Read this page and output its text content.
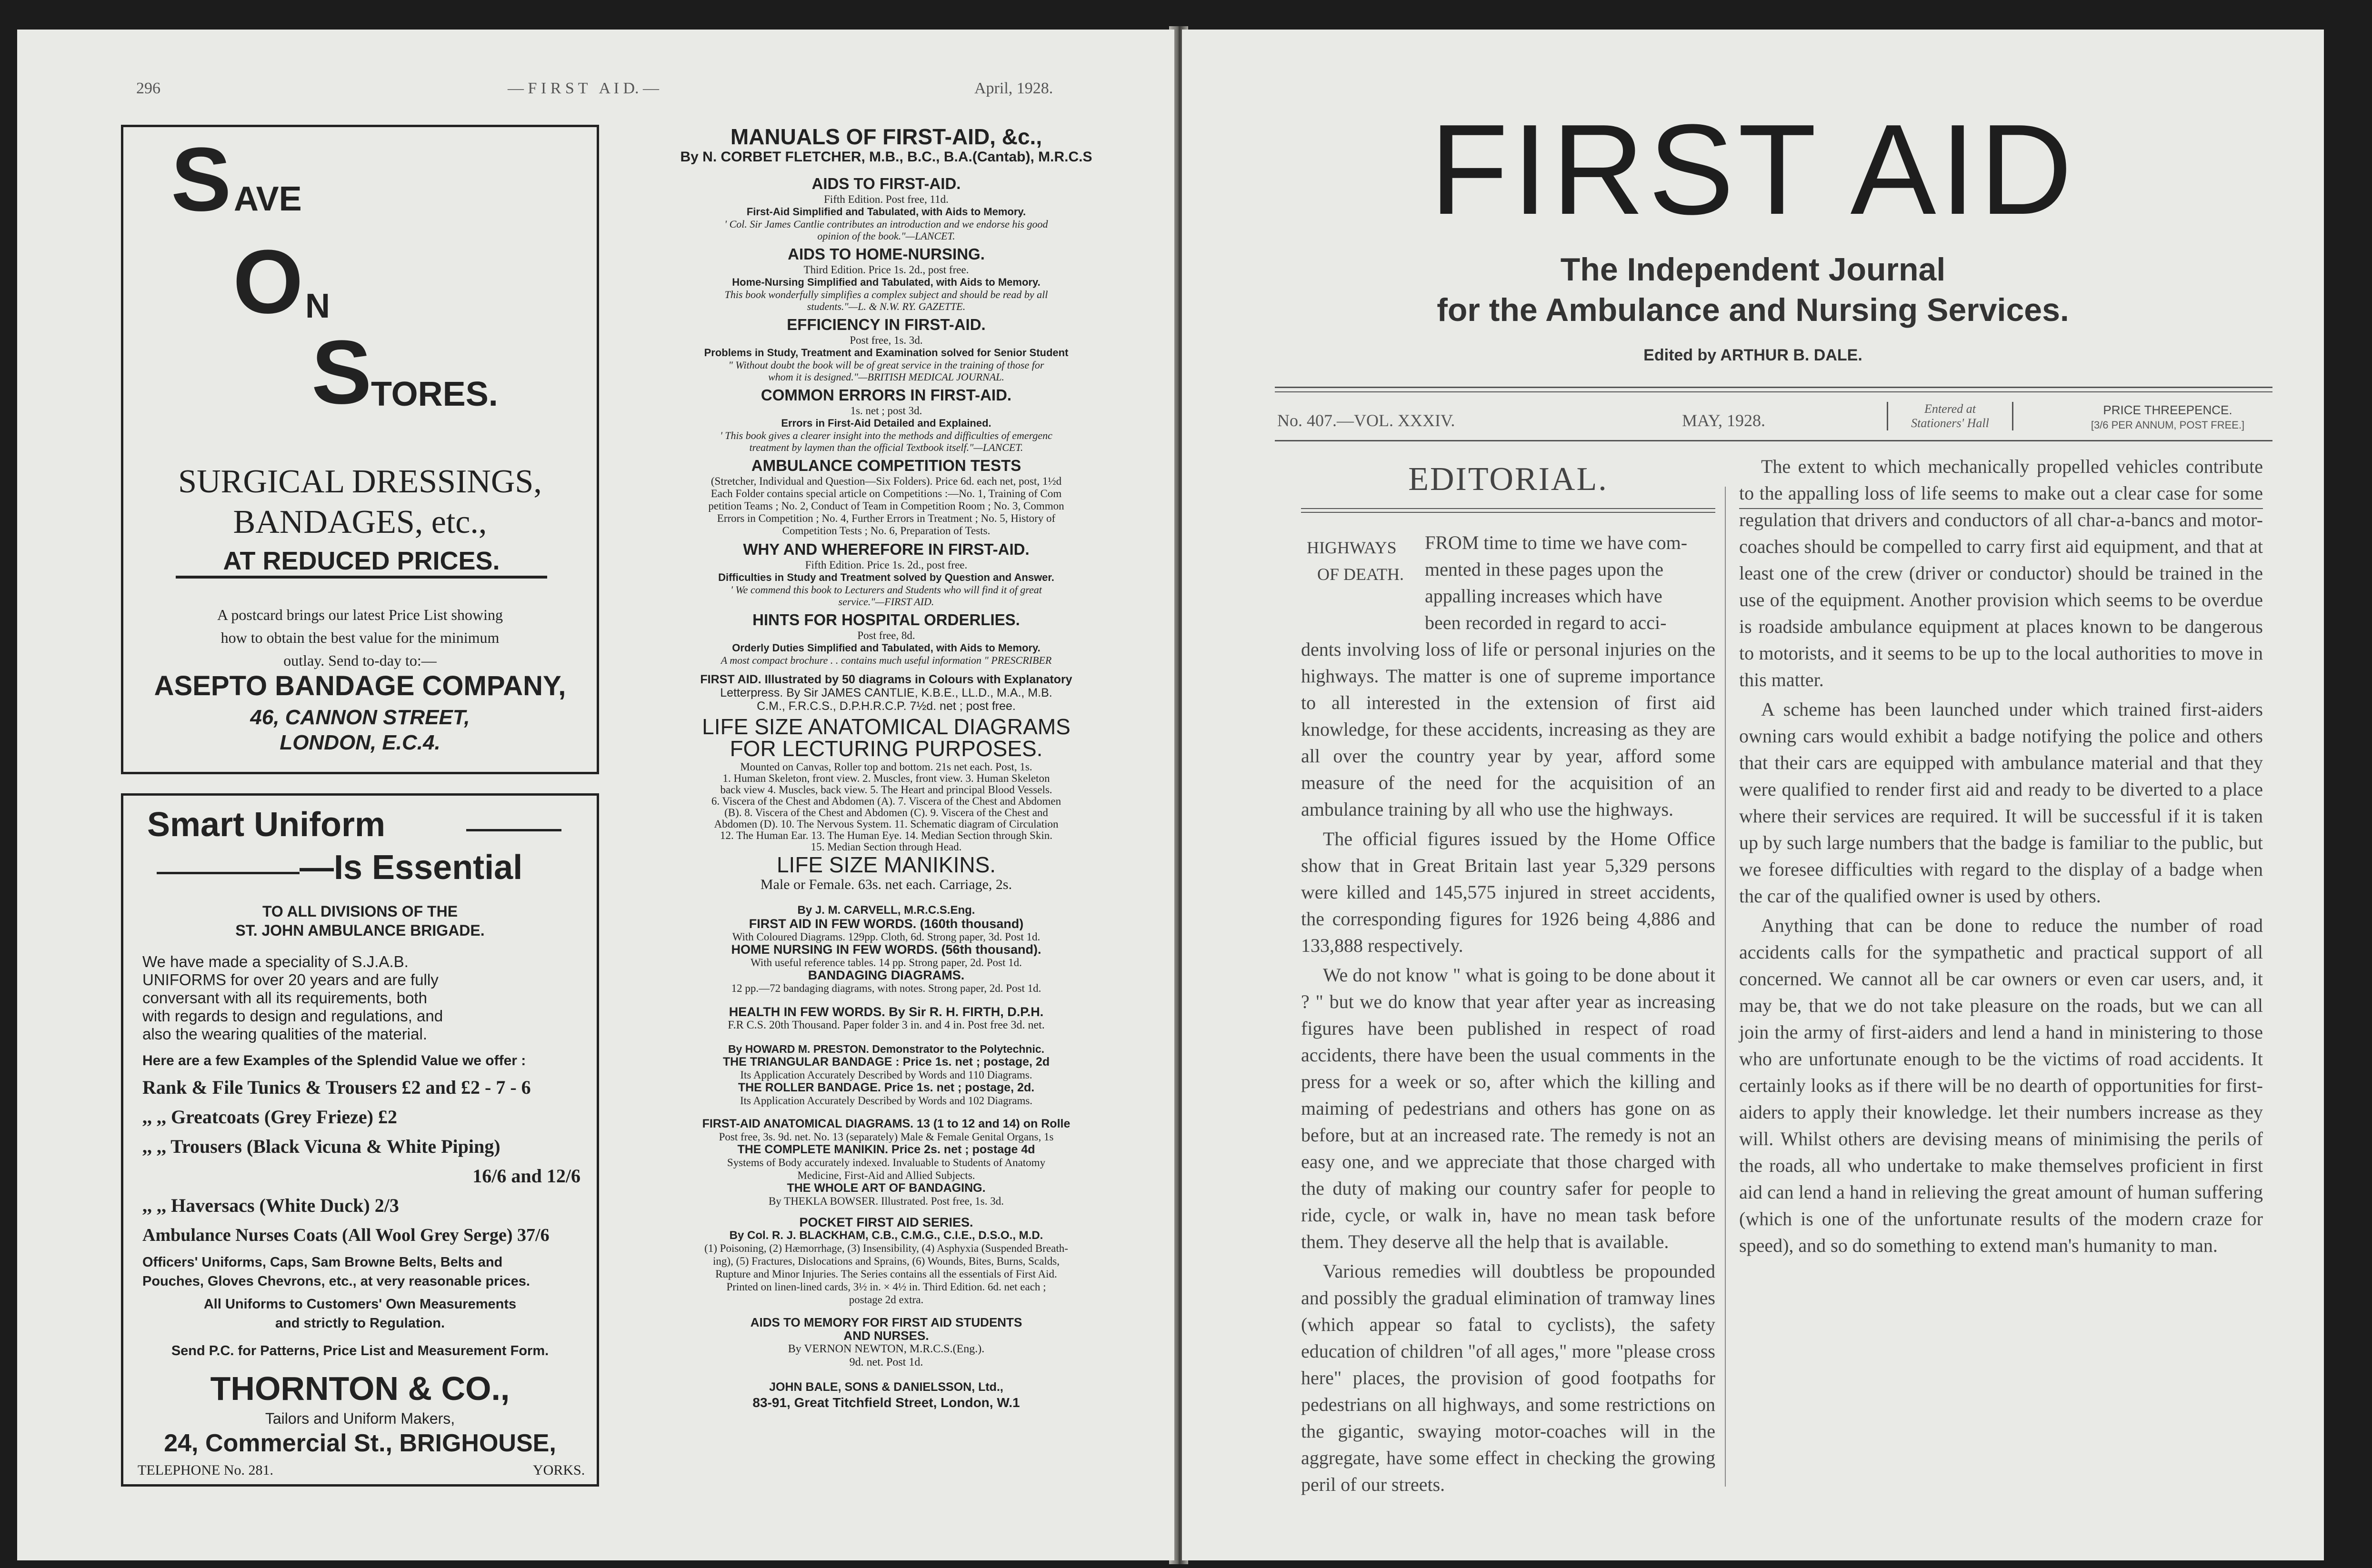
296	— F I R S T   A I D. —	April, 1928.
S AVE
O N
S
TORES.
SURGICAL DRESSINGS,
BANDAGES, etc.,
AT REDUCED PRICES.

A postcard brings our latest Price List showing

how to obtain the best value for the minimum

outlay. Send to-day to:—

ASEPTO BANDAGE COMPANY,
46, CANNON STREET,
LONDON, E.C.4.
Smart Uniform
—Is Essential
TO ALL DIVISIONS OF THE
ST. JOHN AMBULANCE BRIGADE.

We have made a speciality of S.J.A.B.

UNIFORMS for over 20 years and are fully

conversant with all its requirements, both

with regards to design and regulations, and

also the wearing qualities of the material.

Here are a few Examples of the Splendid Value we offer :

Rank & File Tunics & Trousers £2 and £2 - 7 - 6

,, ,, Greatcoats (Grey Frieze) £2

,, ,, Trousers (Black Vicuna & White Piping)

16/6 and 12/6

,, ,, Haversacs (White Duck) 2/3

Ambulance Nurses Coats (All Wool Grey Serge) 37/6

Officers' Uniforms, Caps, Sam Browne Belts, Belts and

Pouches, Gloves Chevrons, etc., at very reasonable prices.

All Uniforms to Customers' Own Measurements
and strictly to Regulation.
Send P.C. for Patterns, Price List and Measurement Form.
THORNTON & CO.,
Tailors and Uniform Makers,
24, Commercial St., BRIGHOUSE,
TELEPHONE No. 281.	YORKS.
MANUALS OF FIRST-AID, &c.,
By N. CORBET FLETCHER, M.B., B.C., B.A.(Cantab), M.R.C.S

AIDS TO FIRST-AID.

Fifth Edition. Post free, 11d.

First-Aid Simplified and Tabulated, with Aids to Memory.

' Col. Sir James Cantlie contributes an introduction and we endorse his good

opinion of the book."—LANCET.

AIDS TO HOME-NURSING.

Third Edition. Price 1s. 2d., post free.

Home-Nursing Simplified and Tabulated, with Aids to Memory.

This book wonderfully simplifies a complex subject and should be read by all

students."—L. & N.W. RY. GAZETTE.

EFFICIENCY IN FIRST-AID.

Post free, 1s. 3d.

Problems in Study, Treatment and Examination solved for Senior Student

" Without doubt the book will be of great service in the training of those for

whom it is designed."—BRITISH MEDICAL JOURNAL.

COMMON ERRORS IN FIRST-AID.

1s. net ; post 3d.

Errors in First-Aid Detailed and Explained.

' This book gives a clearer insight into the methods and difficulties of emergenc

treatment by laymen than the official Textbook itself."—LANCET.

AMBULANCE COMPETITION TESTS

(Stretcher, Individual and Question—Six Folders). Price 6d. each net, post, 1½d

Each Folder contains special article on Competitions :—No. 1, Training of Com

petition Teams ; No. 2, Conduct of Team in Competition Room ; No. 3, Common

Errors in Competition ; No. 4, Further Errors in Treatment ; No. 5, History of

Competition Tests ; No. 6, Preparation of Tests.

WHY AND WHEREFORE IN FIRST-AID.

Fifth Edition. Price 1s. 2d., post free.

Difficulties in Study and Treatment solved by Question and Answer.

' We commend this book to Lecturers and Students who will find it of great

service."—FIRST AID.

HINTS FOR HOSPITAL ORDERLIES.

Post free, 8d.

Orderly Duties Simplified and Tabulated, with Aids to Memory.

A most compact brochure . . contains much useful information " PRESCRIBER

FIRST AID. Illustrated by 50 diagrams in Colours with Explanatory

Letterpress. By Sir JAMES CANTLIE, K.B.E., LL.D., M.A., M.B.

C.M., F.R.C.S., D.P.H.R.C.P. 7½d. net ; post free.

LIFE SIZE ANATOMICAL DIAGRAMS
FOR LECTURING PURPOSES.

Mounted on Canvas, Roller top and bottom. 21s net each. Post, 1s.

1. Human Skeleton, front view. 2. Muscles, front view. 3. Human Skeleton

back view 4. Muscles, back view. 5. The Heart and principal Blood Vessels.

6. Viscera of the Chest and Abdomen (A). 7. Viscera of the Chest and Abdomen

(B). 8. Viscera of the Chest and Abdomen (C). 9. Viscera of the Chest and

Abdomen (D). 10. The Nervous System. 11. Schematic diagram of Circulation

12. The Human Ear. 13. The Human Eye. 14. Median Section through Skin.

15. Median Section through Head.

LIFE SIZE MANIKINS.
Male or Female. 63s. net each. Carriage, 2s.
By J. M. CARVELL, M.R.C.S.Eng.

FIRST AID IN FEW WORDS. (160th thousand)

With Coloured Diagrams. 129pp. Cloth, 6d. Strong paper, 3d. Post 1d.

HOME NURSING IN FEW WORDS. (56th thousand).

With useful reference tables. 14 pp. Strong paper, 2d. Post 1d.

BANDAGING DIAGRAMS.

12 pp.—72 bandaging diagrams, with notes. Strong paper, 2d. Post 1d.

HEALTH IN FEW WORDS. By Sir R. H. FIRTH, D.P.H.

F.R C.S. 20th Thousand. Paper folder 3 in. and 4 in. Post free 3d. net.

By HOWARD M. PRESTON. Demonstrator to the Polytechnic.

THE TRIANGULAR BANDAGE : Price 1s. net ; postage, 2d

Its Application Accurately Described by Words and 110 Diagrams.

THE ROLLER BANDAGE. Price 1s. net ; postage, 2d.

Its Application Accurately Described by Words and 102 Diagrams.

FIRST-AID ANATOMICAL DIAGRAMS. 13 (1 to 12 and 14) on Rolle

Post free, 3s. 9d. net. No. 13 (separately) Male & Female Genital Organs, 1s

THE COMPLETE MANIKIN. Price 2s. net ; postage 4d

Systems of Body accurately indexed. Invaluable to Students of Anatomy

Medicine, First-Aid and Allied Subjects.

THE WHOLE ART OF BANDAGING.

By THEKLA BOWSER. Illustrated. Post free, 1s. 3d.

POCKET FIRST AID SERIES.

By Col. R. J. BLACKHAM, C.B., C.M.G., C.I.E., D.S.O., M.D.

(1) Poisoning, (2) Hæmorrhage, (3) Insensibility, (4) Asphyxia (Suspended Breath-

ing), (5) Fractures, Dislocations and Sprains, (6) Wounds, Bites, Burns, Scalds,

Rupture and Minor Injuries. The Series contains all the essentials of First Aid.

Printed on linen-lined cards, 3½ in. × 4½ in. Third Edition. 6d. net each ;

postage 2d extra.

AIDS TO MEMORY FOR FIRST AID STUDENTS

AND NURSES.

By VERNON NEWTON, M.R.C.S.(Eng.).

9d. net. Post 1d.

JOHN BALE, SONS & DANIELSSON, Ltd.,
83-91, Great Titchfield Street, London, W.1
FIRST AID
The Independent Journal
for the Ambulance and Nursing Services.
Edited by ARTHUR B. DALE.
No. 407.—VOL. XXXIV.	MAY, 1928.
Entered at
Stationers' Hall
PRICE THREEPENCE.
[3/6 PER ANNUM, POST FREE.]
EDITORIAL.
HIGHWAYS
OF DEATH.

FROM time to time we have com-

mented in these pages upon the

appalling increases which have

been recorded in regard to acci-

dents involving loss of life or personal injuries on the highways. The matter is one of supreme importance to all interested in the extension of first aid knowledge, for these accidents, increasing as they are all over the country year by year, afford some measure of the need for the acquisition of an ambulance training by all who use the highways.

The official figures issued by the Home Office show that in Great Britain last year 5,329 persons were killed and 145,575 injured in street accidents, the corresponding figures for 1926 being 4,886 and 133,888 respectively.

We do not know " what is going to be done about it ? " but we do know that year after year as increasing figures have been published in respect of road accidents, there have been the usual comments in the press for a week or so, after which the killing and maiming of pedestrians and others has gone on as before, but at an increased rate. The remedy is not an easy one, and we appreciate that those charged with the duty of making our country safer for people to ride, cycle, or walk in, have no mean task before them. They deserve all the help that is available.

Various remedies will doubtless be propounded and possibly the gradual elimination of tramway lines (which appear so fatal to cyclists), the safety education of children "of all ages," more "please cross here" places, the provision of good footpaths for pedestrians on all highways, and some restrictions on the gigantic, swaying motor-coaches will in the aggregate, have some effect in checking the growing peril of our streets.

The extent to which mechanically propelled vehicles contribute to the appalling loss of life seems to make out a clear case for some regulation that drivers and conductors of all char-a-bancs and motor-coaches should be compelled to carry first aid equipment, and that at least one of the crew (driver or conductor) should be trained in the use of the equipment. Another provision which seems to be overdue is roadside ambulance equipment at places known to be dangerous to motorists, and it seems to be up to the local authorities to move in this matter.

A scheme has been launched under which trained first-aiders owning cars would exhibit a badge notifying the police and others that their cars are equipped with ambulance material and that they were qualified to render first aid and ready to be diverted to a place where their services are required. It will be successful if it is taken up by such large numbers that the badge is familiar to the public, but we foresee difficulties with regard to the display of a badge when the car of the qualified owner is used by others.

Anything that can be done to reduce the number of road accidents calls for the sympathetic and practical support of all concerned. We cannot all be car owners or even car users, and, it may be, that we do not take pleasure on the roads, but we can all join the army of first-aiders and lend a hand in ministering to those who are unfortunate enough to be the victims of road accidents. It certainly looks as if there will be no dearth of opportunities for first-aiders to apply their knowledge. let their numbers increase as they will. Whilst others are devising means of minimising the perils of the roads, all who undertake to make themselves proficient in first aid can lend a hand in relieving the great amount of human suffering (which is one of the unfortunate results of the modern craze for speed), and so do something to extend man's humanity to man.
